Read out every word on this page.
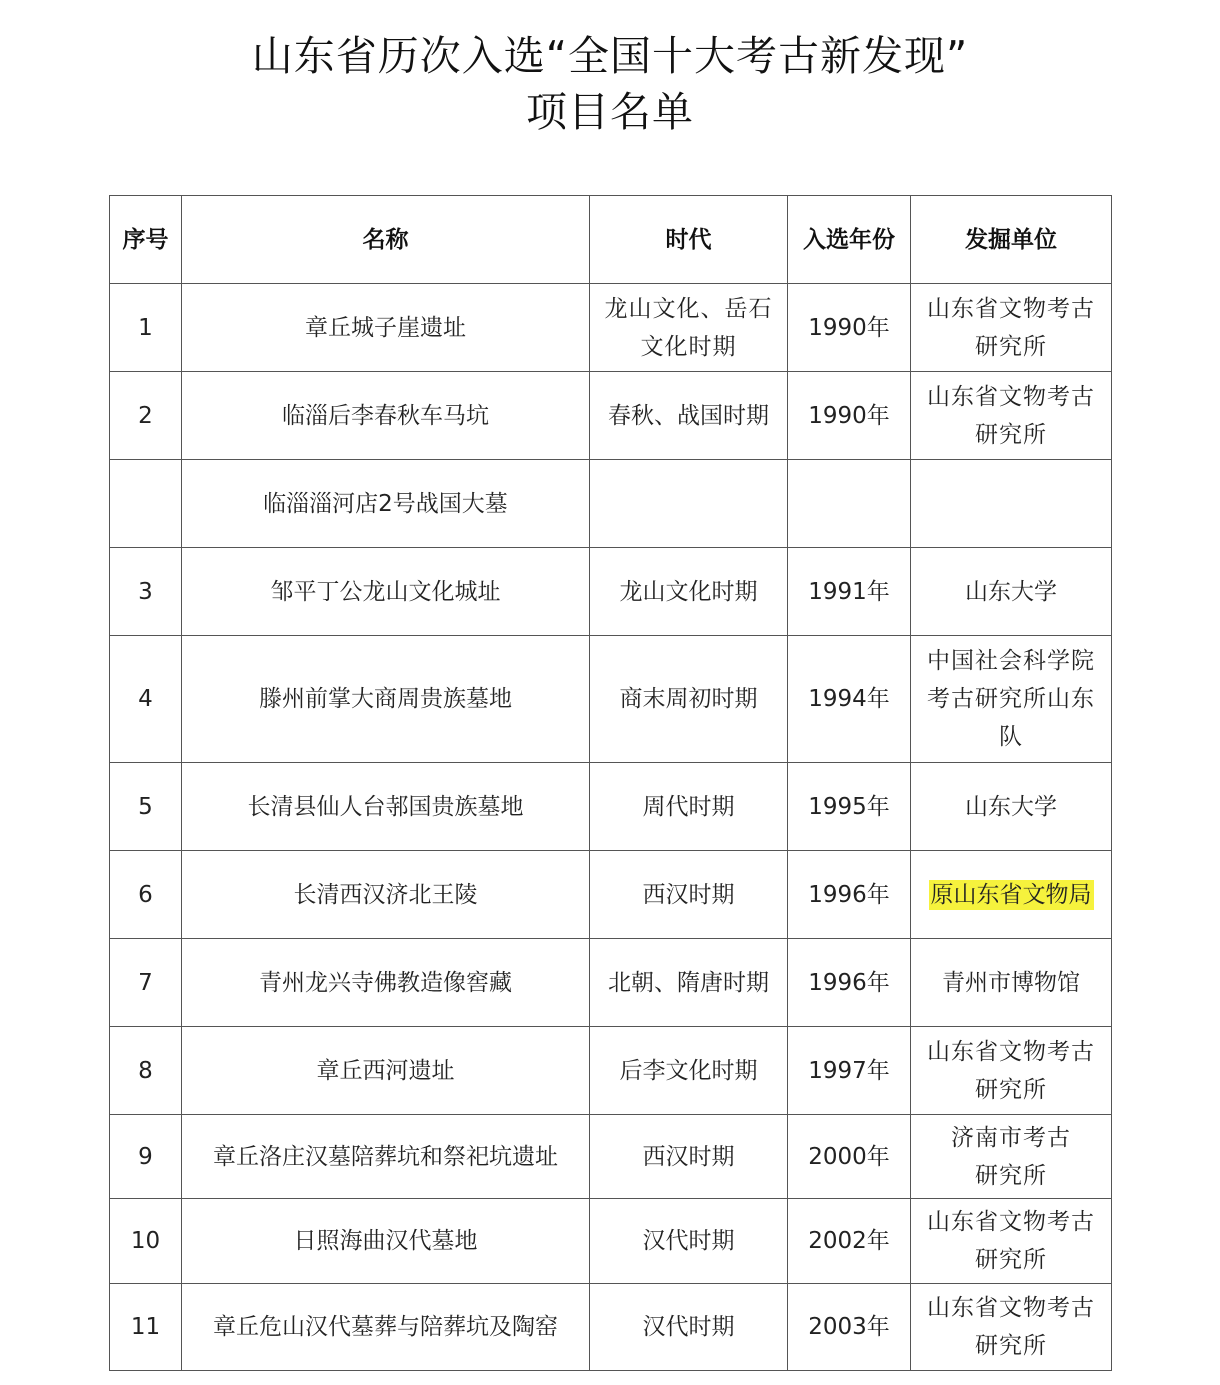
山东省历次入选“全国十大考古新发现”
项目名单
序号	名称	时代	入选年份	发掘单位
1	章丘城子崖遗址	龙山文化、岳石文化时期	1990年	山东省文物考古研究所
2	临淄后李春秋车马坑	春秋、战国时期	1990年	山东省文物考古研究所
	临淄淄河店2号战国大墓			
3	邹平丁公龙山文化城址	龙山文化时期	1991年	山东大学
4	滕州前掌大商周贵族墓地	商末周初时期	1994年	中国社会科学院考古研究所山东队
5	长清县仙人台邿国贵族墓地	周代时期	1995年	山东大学
6	长清西汉济北王陵	西汉时期	1996年	原山东省文物局
7	青州龙兴寺佛教造像窖藏	北朝、隋唐时期	1996年	青州市博物馆
8	章丘西河遗址	后李文化时期	1997年	山东省文物考古研究所
9	章丘洛庄汉墓陪葬坑和祭祀坑遗址	西汉时期	2000年	济南市考古研究所
10	日照海曲汉代墓地	汉代时期	2002年	山东省文物考古研究所
11	章丘危山汉代墓葬与陪葬坑及陶窑	汉代时期	2003年	山东省文物考古研究所
